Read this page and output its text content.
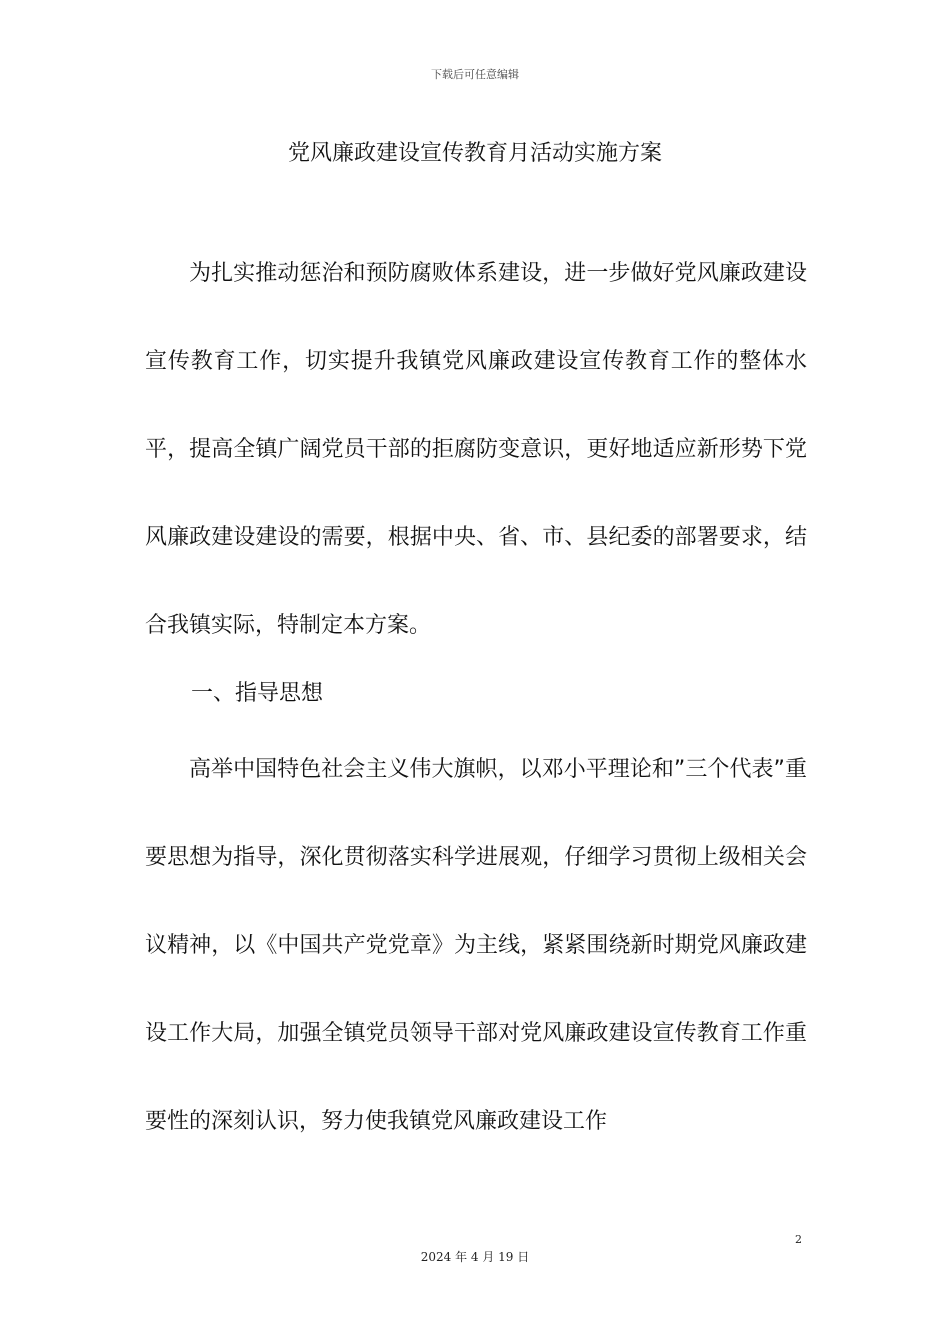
下载后可任意编辑
党风廉政建设宣传教育月活动实施方案

为扎实推动惩治和预防腐败体系建设，进一步做好党风廉政建设宣传教育工作，切实提升我镇党风廉政建设宣传教育工作的整体水平，提高全镇广阔党员干部的拒腐防变意识，更好地适应新形势下党风廉政建设建设的需要，根据中央、省、市、县纪委的部署要求，结合我镇实际，特制定本方案。

一、指导思想

高举中国特色社会主义伟大旗帜，以邓小平理论和”三个代表”重要思想为指导，深化贯彻落实科学进展观，仔细学习贯彻上级相关会议精神，以《中国共产党党章》为主线，紧紧围绕新时期党风廉政建设工作大局，加强全镇党员领导干部对党风廉政建设宣传教育工作重要性的深刻认识，努力使我镇党风廉政建设工作

2
2024 年 4 月 19 日
